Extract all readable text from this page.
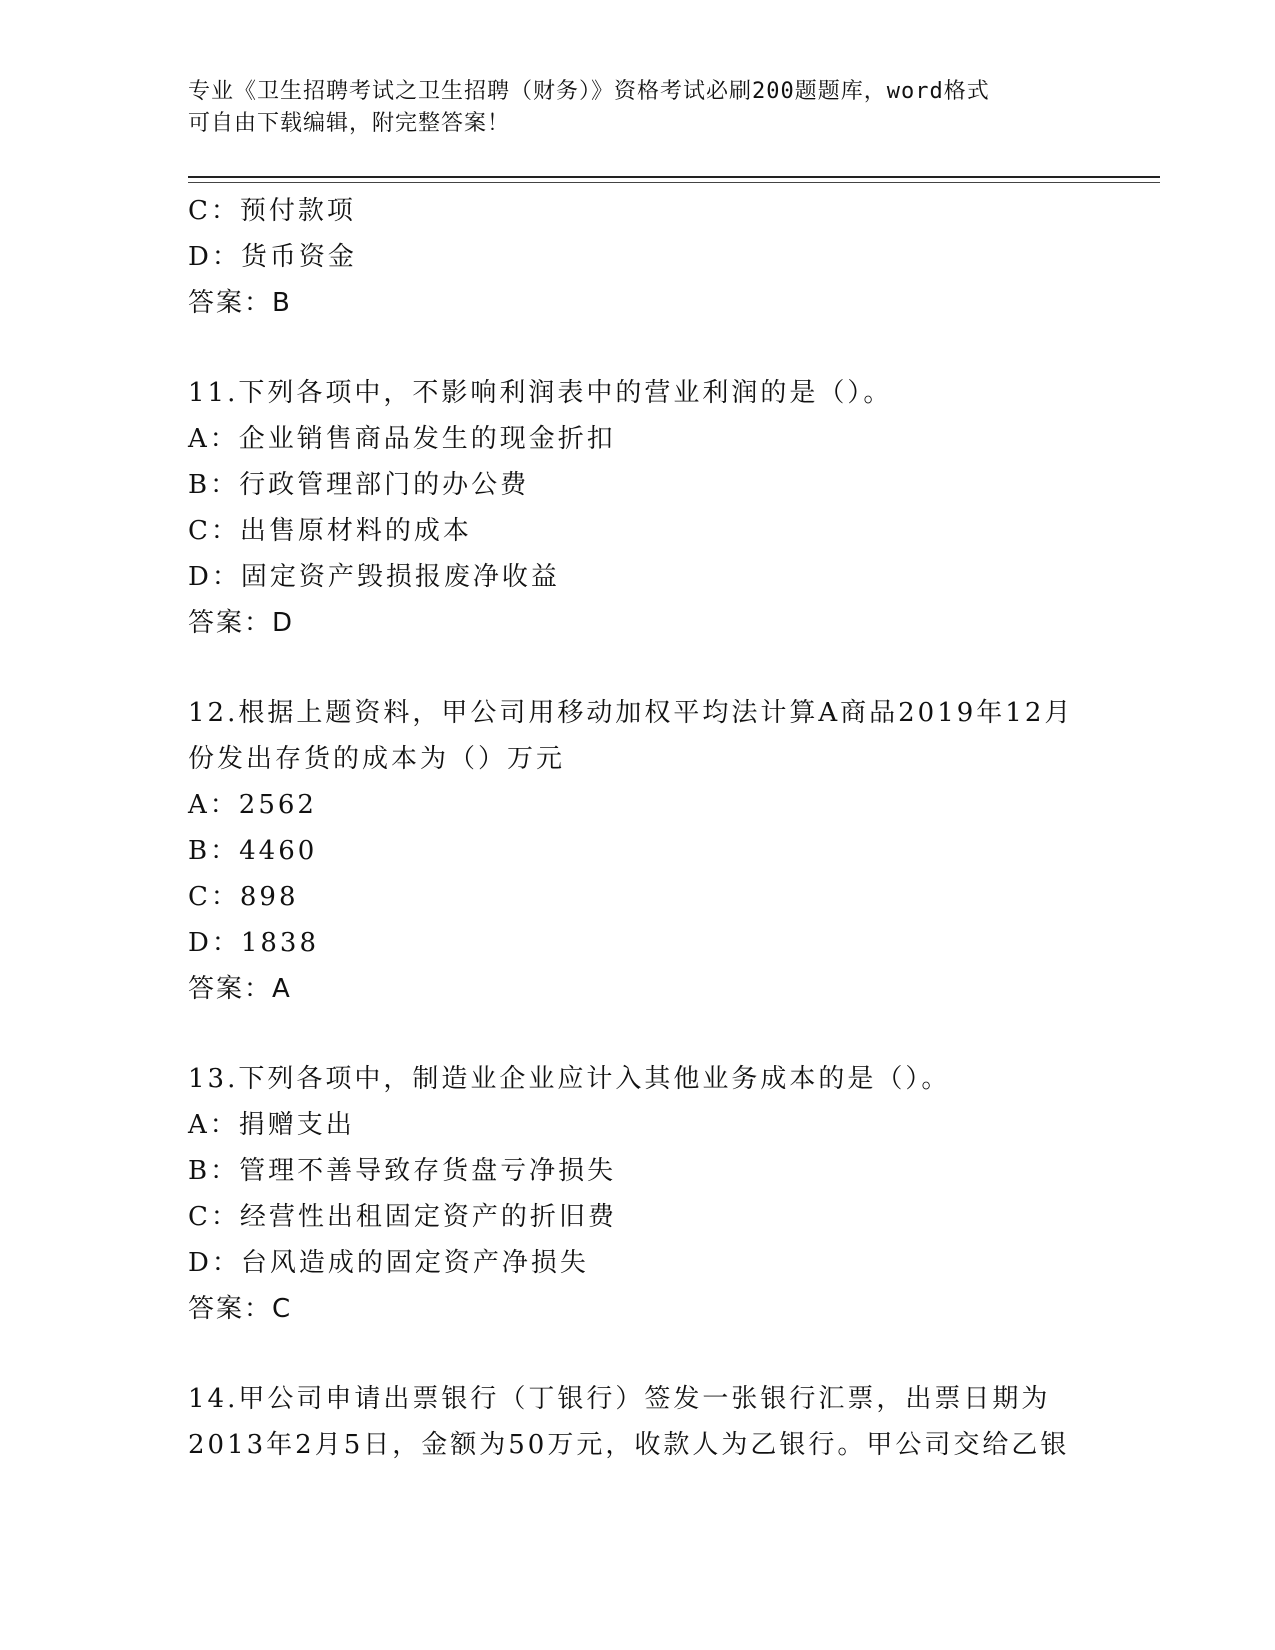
专业《卫生招聘考试之卫生招聘（财务）》资格考试必刷200题题库，word格式
可自由下载编辑，附完整答案！
C：预付款项
D：货币资金
答案：B
11.下列各项中，不影响利润表中的营业利润的是（）。
A：企业销售商品发生的现金折扣
B：行政管理部门的办公费
C：出售原材料的成本
D：固定资产毁损报废净收益
答案：D
12.根据上题资料，甲公司用移动加权平均法计算A商品2019年12月
份发出存货的成本为（）万元
A：2562
B：4460
C：898
D：1838
答案：A
13.下列各项中，制造业企业应计入其他业务成本的是（）。
A：捐赠支出
B：管理不善导致存货盘亏净损失
C：经营性出租固定资产的折旧费
D：台风造成的固定资产净损失
答案：C
14.甲公司申请出票银行（丁银行）签发一张银行汇票，出票日期为
2013年2月5日，金额为50万元，收款人为乙银行。甲公司交给乙银
